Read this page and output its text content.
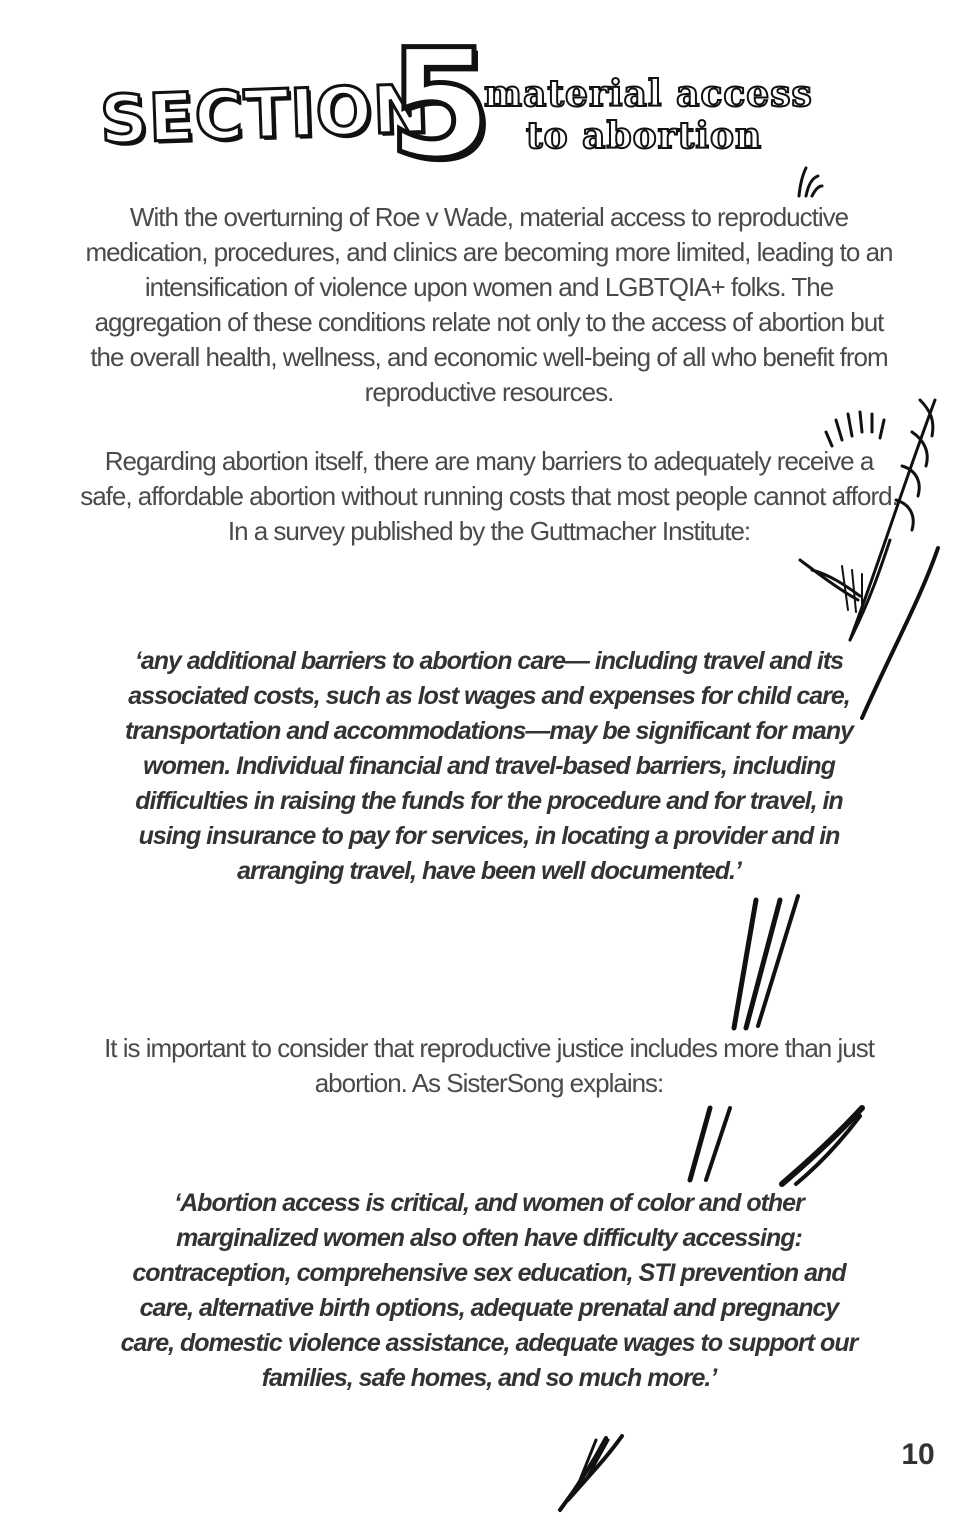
SECTION
5
material access
to abortion

With the overturning of Roe v Wade, material access to reproductive medication, procedures, and clinics are becoming more limited, leading to an intensification of violence upon women and LGBTQIA+ folks. The aggregation of these conditions relate not only to the access of abortion but the overall health, wellness, and economic well-being of all who benefit from reproductive resources.

Regarding abortion itself, there are many barriers to adequately receive a safe, affordable abortion without running costs that most people cannot afford. In a survey published by the Guttmacher Institute:

‘any additional barriers to abortion care— including travel and its associated costs, such as lost wages and expenses for child care, transportation and accommodations—may be significant for many women. Individual financial and travel-based barriers, including difficulties in raising the funds for the procedure and for travel, in using insurance to pay for services, in locating a provider and in arranging travel, have been well documented.’

It is important to consider that reproductive justice includes more than just abortion. As SisterSong explains:

‘Abortion access is critical, and women of color and other marginalized women also often have difficulty accessing: contraception, comprehensive sex education, STI prevention and care, alternative birth options, adequate prenatal and pregnancy care, domestic violence assistance, adequate wages to support our families, safe homes, and so much more.’

10
